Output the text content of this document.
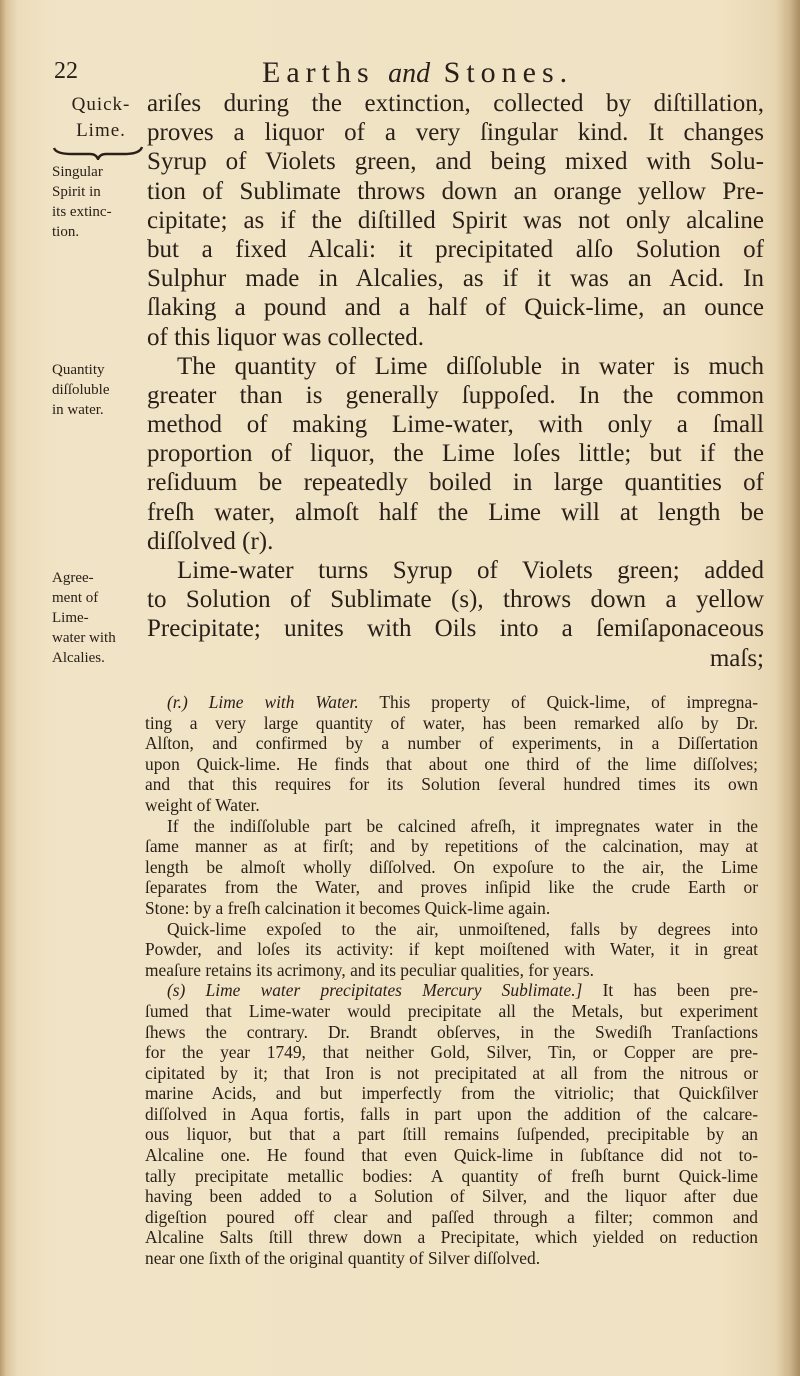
22	Earths and Stones.
Quick-
Lime.
Singular
Spirit in
its extinc-
tion.
Quantity
diſſoluble
in water.
Agree-
ment of
Lime-
water with
Alcalies.
ariſes during the extinction, collected by diſtillation,
proves a liquor of a very ſingular kind. It changes
Syrup of Violets green, and being mixed with Solu-
tion of Sublimate throws down an orange yellow Pre-
cipitate; as if the diſtilled Spirit was not only alcaline
but a fixed Alcali: it precipitated alſo Solution of
Sulphur made in Alcalies, as if it was an Acid. In
ſlaking a pound and a half of Quick-lime, an ounce
of this liquor was collected.
The quantity of Lime diſſoluble in water is much
greater than is generally ſuppoſed. In the common
method of making Lime-water, with only a ſmall
proportion of liquor, the Lime loſes little; but if the
reſiduum be repeatedly boiled in large quantities of
freſh water, almoſt half the Lime will at length be
diſſolved (r).
Lime-water turns Syrup of Violets green; added
to Solution of Sublimate (s), throws down a yellow
Precipitate; unites with Oils into a ſemiſaponaceous
maſs;
(r.) Lime with Water. This property of Quick-lime, of impregna-
ting a very large quantity of water, has been remarked alſo by Dr.
Alſton, and confirmed by a number of experiments, in a Diſſertation
upon Quick-lime. He finds that about one third of the lime diſſolves;
and that this requires for its Solution ſeveral hundred times its own
weight of Water.
If the indiſſoluble part be calcined afreſh, it impregnates water in the
ſame manner as at firſt; and by repetitions of the calcination, may at
length be almoſt wholly diſſolved. On expoſure to the air, the Lime
ſeparates from the Water, and proves inſipid like the crude Earth or
Stone: by a freſh calcination it becomes Quick-lime again.
Quick-lime expoſed to the air, unmoiſtened, falls by degrees into
Powder, and loſes its activity: if kept moiſtened with Water, it in great
meaſure retains its acrimony, and its peculiar qualities, for years.
(s) Lime water precipitates Mercury Sublimate.] It has been pre-
ſumed that Lime-water would precipitate all the Metals, but experiment
ſhews the contrary. Dr. Brandt obſerves, in the Swediſh Tranſactions
for the year 1749, that neither Gold, Silver, Tin, or Copper are pre-
cipitated by it; that Iron is not precipitated at all from the nitrous or
marine Acids, and but imperfectly from the vitriolic; that Quickſilver
diſſolved in Aqua fortis, falls in part upon the addition of the calcare-
ous liquor, but that a part ſtill remains ſuſpended, precipitable by an
Alcaline one. He found that even Quick-lime in ſubſtance did not to-
tally precipitate metallic bodies: A quantity of freſh burnt Quick-lime
having been added to a Solution of Silver, and the liquor after due
digeſtion poured off clear and paſſed through a filter; common and
Alcaline Salts ſtill threw down a Precipitate, which yielded on reduction
near one ſixth of the original quantity of Silver diſſolved.
